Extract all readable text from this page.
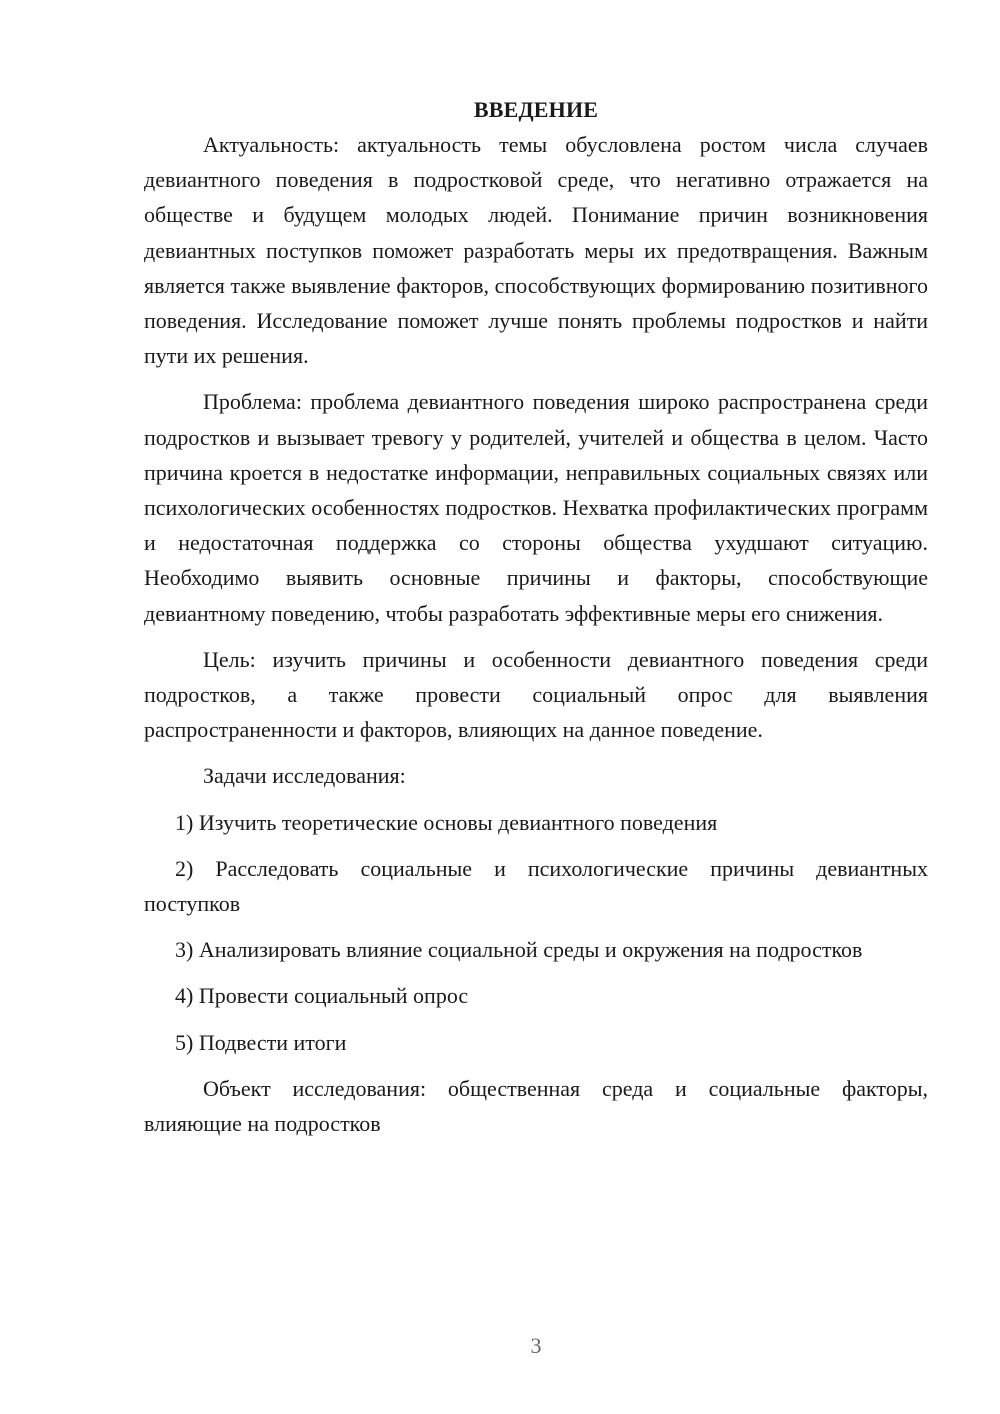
ВВЕДЕНИЕ

Актуальность: актуальность темы обусловлена ростом числа случаев девиантного поведения в подростковой среде, что негативно отражается на обществе и будущем молодых людей. Понимание причин возникновения девиантных поступков поможет разработать меры их предотвращения. Важным является также выявление факторов, способствующих формированию позитивного поведения. Исследование поможет лучше понять проблемы подростков и найти пути их решения.

Проблема: проблема девиантного поведения широко распространена среди подростков и вызывает тревогу у родителей, учителей и общества в целом. Часто причина кроется в недостатке информации, неправильных социальных связях или психологических особенностях подростков. Нехватка профилактических программ и недостаточная поддержка со стороны общества ухудшают ситуацию. Необходимо выявить основные причины и факторы, способствующие девиантному поведению, чтобы разработать эффективные меры его снижения.

Цель: изучить причины и особенности девиантного поведения среди подростков, а также провести социальный опрос для выявления распространенности и факторов, влияющих на данное поведение.

Задачи исследования:

1) Изучить теоретические основы девиантного поведения

2) Расследовать социальные и психологические причины девиантных поступков

3) Анализировать влияние социальной среды и окружения на подростков

4) Провести социальный опрос

5) Подвести итоги

Объект исследования: общественная среда и социальные факторы, влияющие на подростков

3
